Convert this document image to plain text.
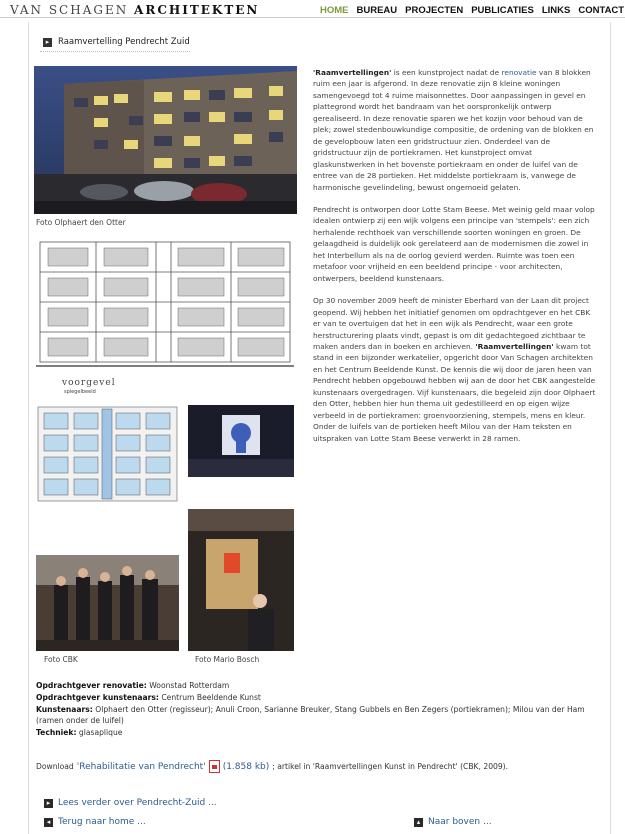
VAN SCHAGEN ARCHITEKTEN	HOME BUREAU PROJECTEN PUBLICATIES LINKS CONTACT
▸	Raamvertelling Pendrecht Zuid
Foto Olphaert den Otter
voorgevel
spiegelbeeld
Foto CBK	Foto Mario Bosch

'Raamvertellingen' is een kunstproject nadat de renovatie van 8 blokken ruim een jaar is afgerond. In deze renovatie zijn 8 kleine woningen samengevoegd tot 4 ruime maisonnettes. Door aanpassingen in gevel en plattegrond wordt het bandraam van het oorspronkelijk ontwerp gerealiseerd. In deze renovatie sparen we het kozijn voor behoud van de plek; zowel stedenbouwkundige compositie, de ordening van de blokken en de gevelopbouw laten een gridstructuur zien. Onderdeel van de gridstructuur zijn de portiekramen. Het kunstproject omvat glaskunstwerken in het bovenste portiekraam en onder de luifel van de entree van de 28 portieken. Het middelste portiekraam is, vanwege de harmonische gevelindeling, bewust ongemoeid gelaten.

Pendrecht is ontworpen door Lotte Stam Beese. Met weinig geld maar volop idealen ontwierp zij een wijk volgens een principe van 'stempels': een zich herhalende rechthoek van verschillende soorten woningen en groen. De gelaagdheid is duidelijk ook gerelateerd aan de modernismen die zowel in het Interbellum als na de oorlog gevierd werden. Ruimte was toen een metafoor voor vrijheid en een beeldend principe - voor architecten, ontwerpers, beeldend kunstenaars.

Op 30 november 2009 heeft de minister Eberhard van der Laan dit project geopend. Wij hebben het initiatief genomen om opdrachtgever en het CBK er van te overtuigen dat het in een wijk als Pendrecht, waar een grote herstructurering plaats vindt, gepast is om dit gedachtegoed zichtbaar te maken anders dan in boeken en archieven. 'Raamvertellingen' kwam tot stand in een bijzonder werkatelier, opgericht door Van Schagen architekten en het Centrum Beeldende Kunst. De kennis die wij door de jaren heen van Pendrecht hebben opgebouwd hebben wij aan de door het CBK aangestelde kunstenaars overgedragen. Vijf kunstenaars, die begeleid zijn door Olphaert den Otter, hebben hier hun thema uit gedestilleerd en op eigen wijze verbeeld in de portiekramen: groenvoorziening, stempels, mens en kleur. Onder de luifels van de portieken heeft Milou van der Ham teksten en uitspraken van Lotte Stam Beese verwerkt in 28 ramen.

Opdrachtgever renovatie: Woonstad Rotterdam
Opdrachtgever kunstenaars: Centrum Beeldende Kunst
Kunstenaars: Olphaert den Otter (regisseur); Anuli Croon, Sarianne Breuker, Stang Gubbels en Ben Zegers (portiekramen); Milou van der Ham (ramen onder de luifel)
Techniek: glasaplique
Download 'Rehabilitatie van Pendrecht' (1.858 kb) ; artikel in 'Raamvertellingen Kunst in Pendrecht' (CBK, 2009).
▸ Lees verder over Pendrecht-Zuid ...
◂ Terug naar home ...	▴ Naar boven ...
